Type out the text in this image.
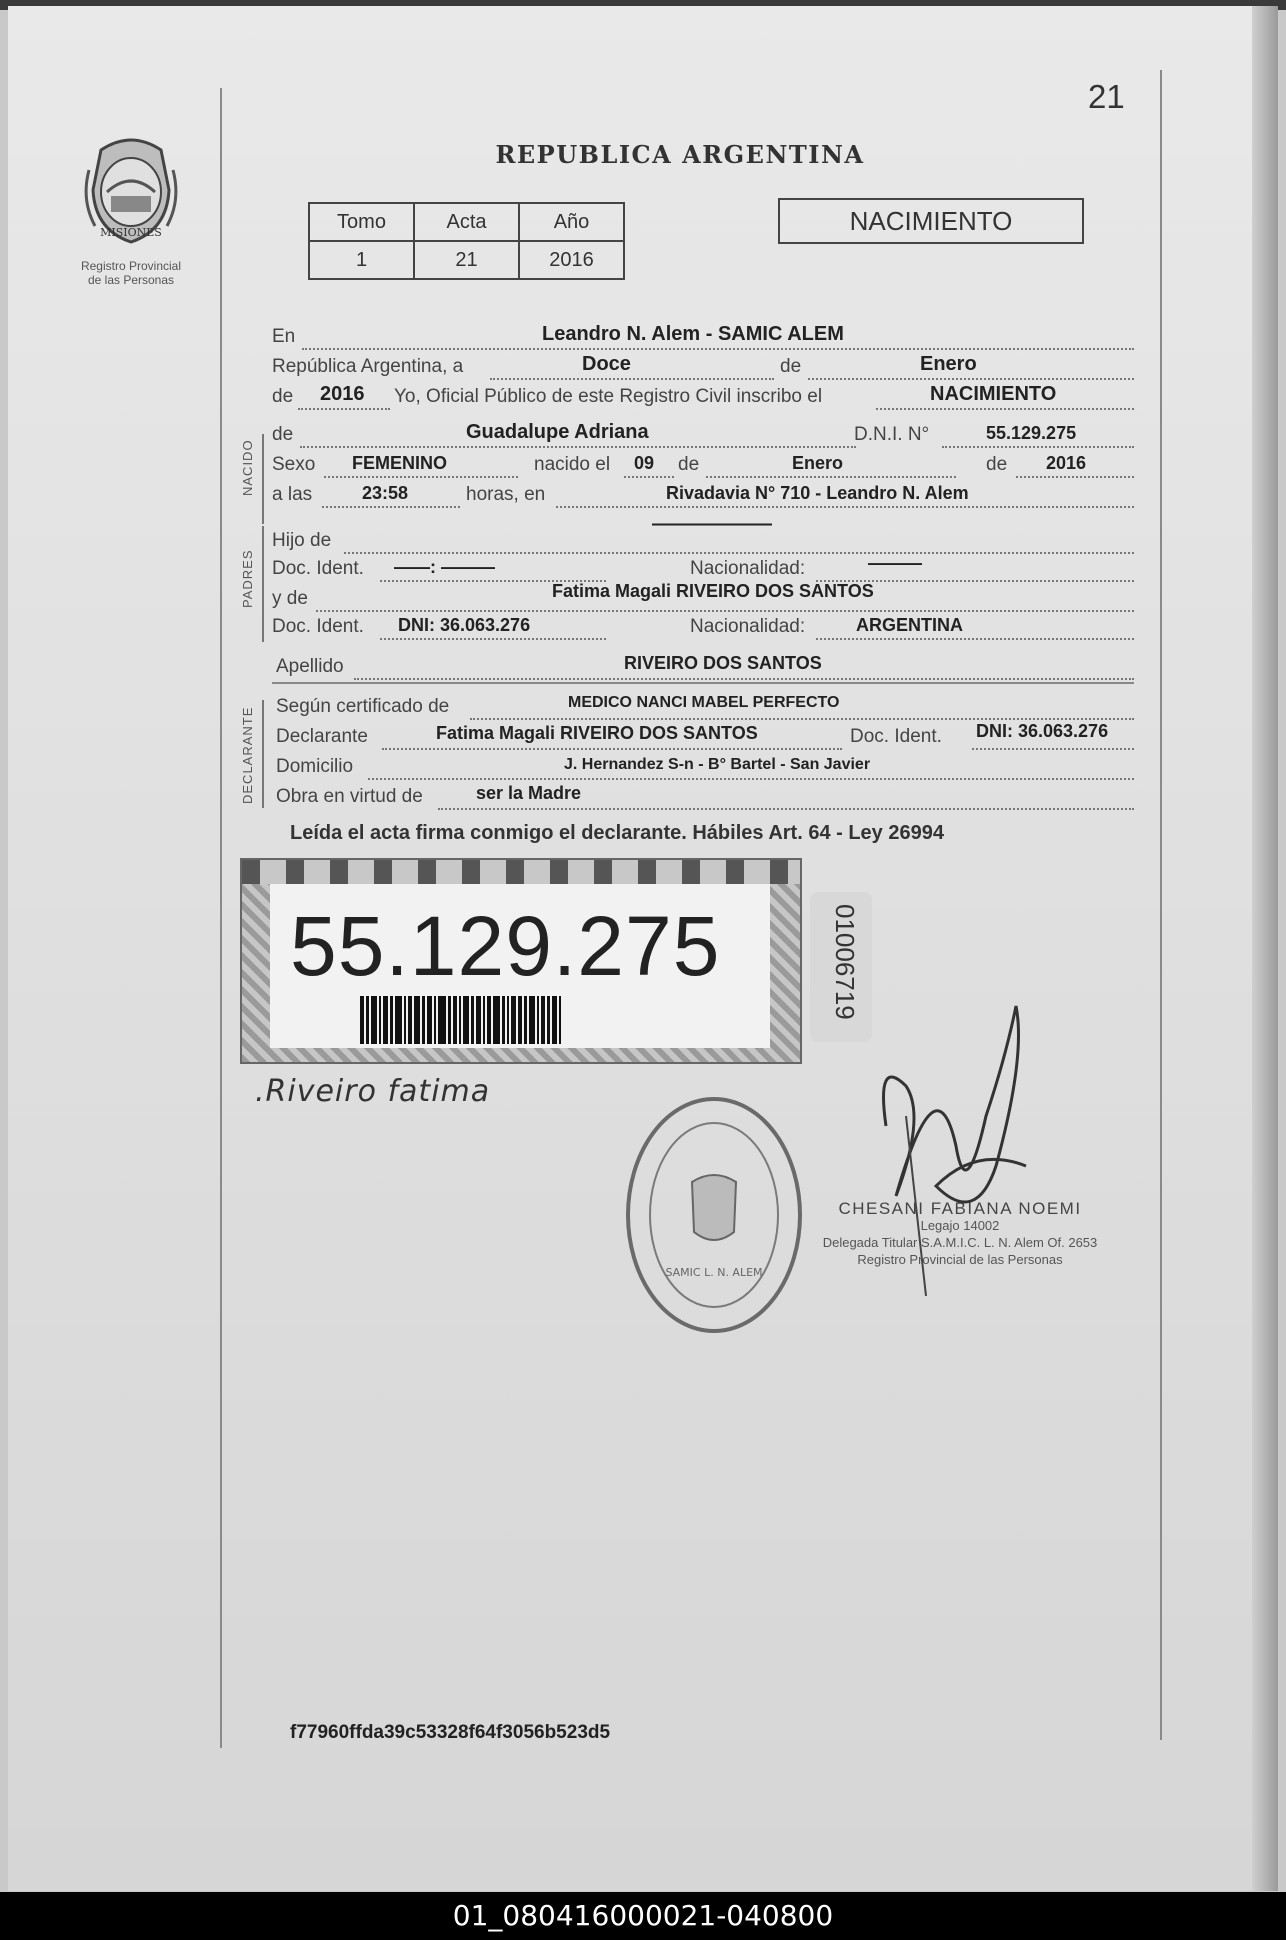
21
MISIONES
Registro Provincial
de las Personas
REPUBLICA ARGENTINA
Tomo	Acta	Año
1	21	2016
NACIMIENTO
En	Leandro N. Alem - SAMIC ALEM
República Argentina, a	Doce	de	Enero
de 2016 Yo, Oficial Público de este Registro Civil inscribo el	NACIMIENTO
NACIDO
de	Guadalupe Adriana	D.N.I. N°	55.129.275
Sexo FEMENINO	nacido el 09 de	Enero	de 2016
a las	23:58	horas, en	Rivadavia N° 710 - Leandro N. Alem
PADRES
Hijo de
——————
Doc. Ident. ——: ———	Nacionalidad:	———
y de	Fatima Magali RIVEIRO DOS SANTOS
Doc. Ident. DNI: 36.063.276	Nacionalidad:	ARGENTINA
Apellido	RIVEIRO DOS SANTOS
DECLARANTE
Según certificado de	MEDICO NANCI MABEL PERFECTO
Declarante	Fatima Magali RIVEIRO DOS SANTOS	Doc. Ident. DNI: 36.063.276
Domicilio	J. Hernandez S-n - B° Bartel - San Javier
Obra en virtud de	ser la Madre
Leída el acta firma conmigo el declarante. Hábiles Art. 64 - Ley 26994
55.129.275	01006719
.Riveiro fatima
SAMIC L. N. ALEM
CHESANI FABIANA NOEMI
Legajo 14002
Delegada Titular S.A.M.I.C. L. N. Alem Of. 2653
Registro Provincial de las Personas
f77960ffda39c53328f64f3056b523d5
01_080416000021-040800
